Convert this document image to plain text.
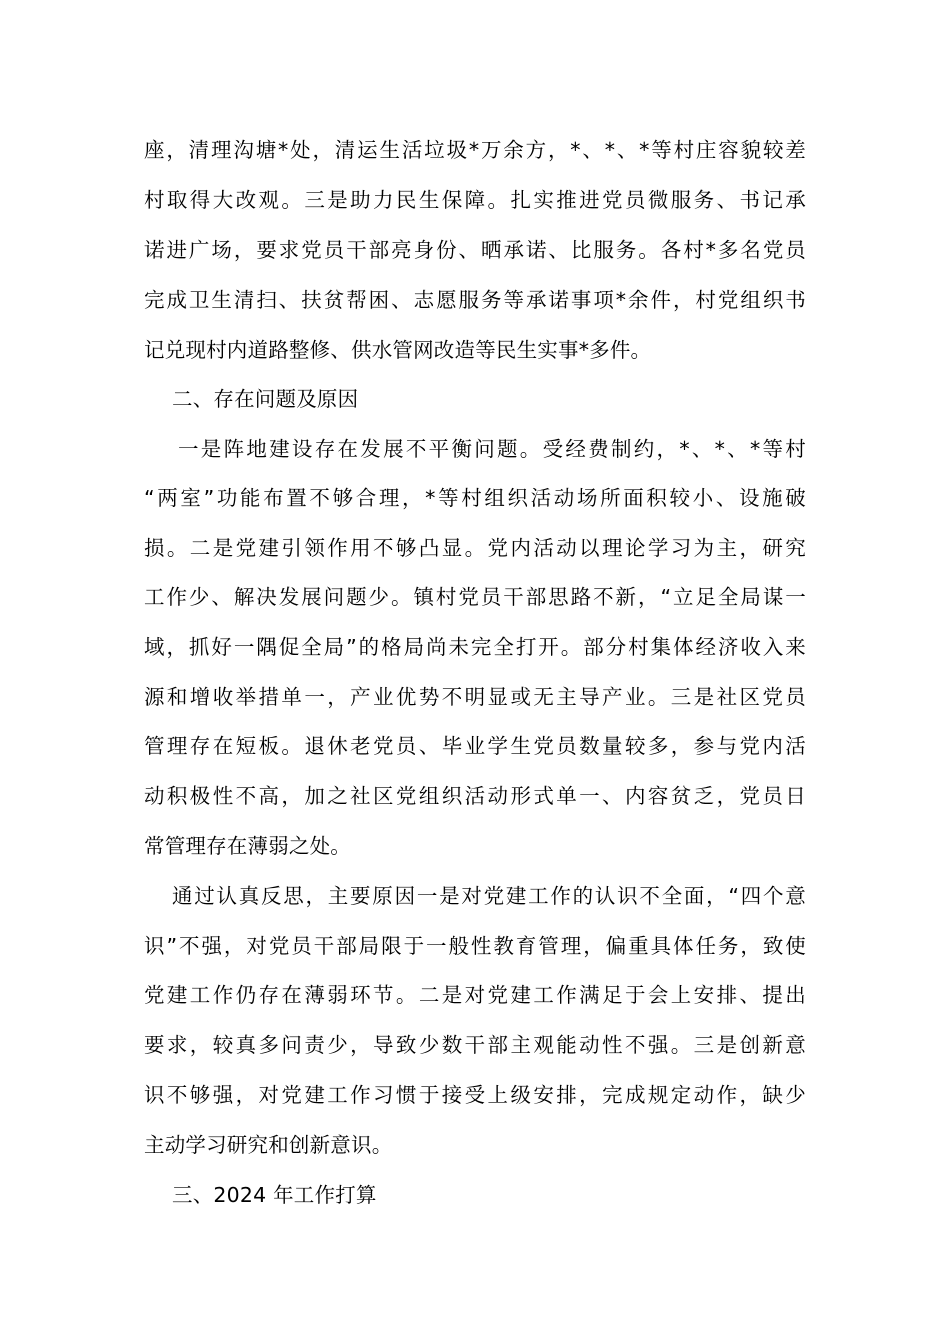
座，清理沟塘*处，清运生活垃圾*万余方，*、*、*等村庄容貌较差
村取得大改观。三是助力民生保障。扎实推进党员微服务、书记承
诺进广场，要求党员干部亮身份、晒承诺、比服务。各村*多名党员
完成卫生清扫、扶贫帮困、志愿服务等承诺事项*余件，村党组织书
记兑现村内道路整修、供水管网改造等民生实事*多件。
二、存在问题及原因
一是阵地建设存在发展不平衡问题。受经费制约，*、*、*等村
“两室”功能布置不够合理，*等村组织活动场所面积较小、设施破
损。二是党建引领作用不够凸显。党内活动以理论学习为主，研究
工作少、解决发展问题少。镇村党员干部思路不新，“立足全局谋一
域，抓好一隅促全局”的格局尚未完全打开。部分村集体经济收入来
源和增收举措单一，产业优势不明显或无主导产业。三是社区党员
管理存在短板。退休老党员、毕业学生党员数量较多，参与党内活
动积极性不高，加之社区党组织活动形式单一、内容贫乏，党员日
常管理存在薄弱之处。
通过认真反思，主要原因一是对党建工作的认识不全面，“四个意
识”不强，对党员干部局限于一般性教育管理，偏重具体任务，致使
党建工作仍存在薄弱环节。二是对党建工作满足于会上安排、提出
要求，较真多问责少，导致少数干部主观能动性不强。三是创新意
识不够强，对党建工作习惯于接受上级安排，完成规定动作，缺少
主动学习研究和创新意识。
三、2024 年工作打算
